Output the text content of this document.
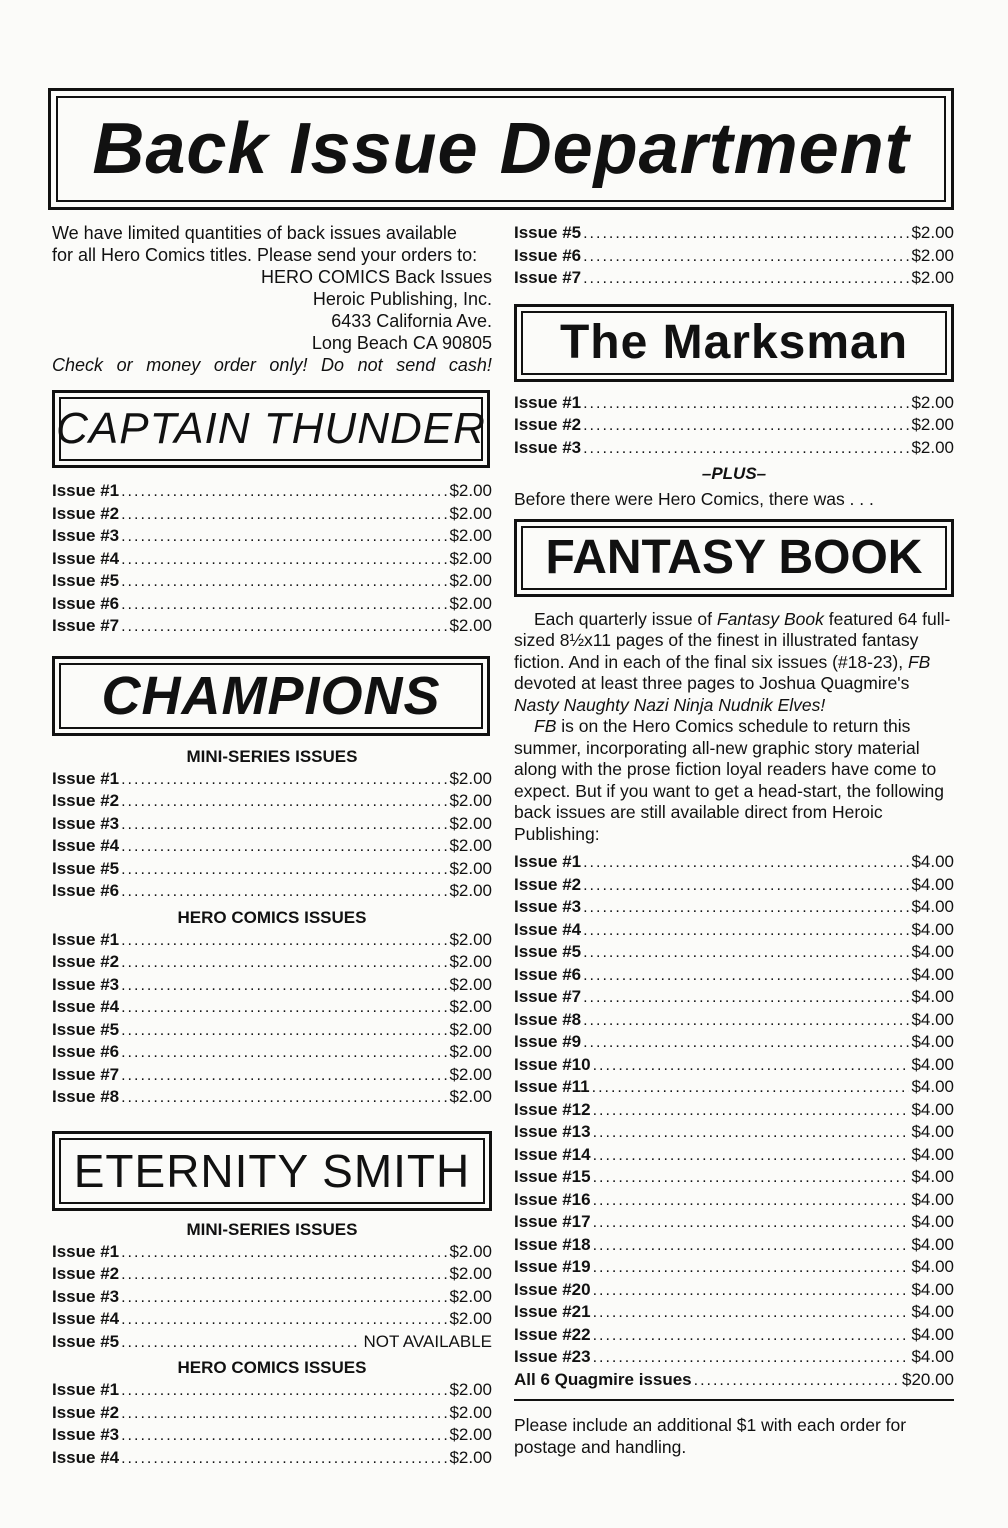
Back Issue Department
We have limited quantities of back issues available
for all Hero Comics titles. Please send your orders to:
HERO COMICS Back Issues
Heroic Publishing, Inc.
6433 California Ave.
Long Beach CA 90805
Check or money order only! Do not send cash!
CAPTAIN THUNDER
Issue #1 .....	$2.00
Issue #2 .....	$2.00
Issue #3 .....	$2.00
Issue #4 .....	$2.00
Issue #5 .....	$2.00
Issue #6 .....	$2.00
Issue #7 .....	$2.00
CHAMPIONS
MINI-SERIES ISSUES
Issue #1 .....	$2.00
Issue #2 .....	$2.00
Issue #3 .....	$2.00
Issue #4 .....	$2.00
Issue #5 .....	$2.00
Issue #6 .....	$2.00
HERO COMICS ISSUES
Issue #1 .....	$2.00
Issue #2 .....	$2.00
Issue #3 .....	$2.00
Issue #4 .....	$2.00
Issue #5 .....	$2.00
Issue #6 .....	$2.00
Issue #7 .....	$2.00
Issue #8 .....	$2.00
ETERNITY SMITH
MINI-SERIES ISSUES
Issue #1 .....	$2.00
Issue #2 .....	$2.00
Issue #3 .....	$2.00
Issue #4 .....	$2.00
Issue #5 .....	NOT AVAILABLE
HERO COMICS ISSUES
Issue #1 .....	$2.00
Issue #2 .....	$2.00
Issue #3 .....	$2.00
Issue #4 .....	$2.00
Issue #5 .....	$2.00
Issue #6 .....	$2.00
Issue #7 .....	$2.00
The Marksman
Issue #1 .....	$2.00
Issue #2 .....	$2.00
Issue #3 .....	$2.00
–PLUS–
Before there were Hero Comics, there was . . .
FANTASY BOOK
Each quarterly issue of Fantasy Book featured 64 full-sized 8½x11 pages of the finest in illustrated fantasy fiction. And in each of the final six issues (#18-23), FB devoted at least three pages to Joshua Quagmire's Nasty Naughty Nazi Ninja Nudnik Elves!
FB is on the Hero Comics schedule to return this summer, incorporating all-new graphic story material along with the prose fiction loyal readers have come to expect. But if you want to get a head-start, the following back issues are still available direct from Heroic Publishing:
Issue #1 .....	$4.00
Issue #2 .....	$4.00
Issue #3 .....	$4.00
Issue #4 .....	$4.00
Issue #5 .....	$4.00
Issue #6 .....	$4.00
Issue #7 .....	$4.00
Issue #8 .....	$4.00
Issue #9 .....	$4.00
Issue #10 .....	$4.00
Issue #11 .....	$4.00
Issue #12 .....	$4.00
Issue #13 .....	$4.00
Issue #14 .....	$4.00
Issue #15 .....	$4.00
Issue #16 .....	$4.00
Issue #17 .....	$4.00
Issue #18 .....	$4.00
Issue #19 .....	$4.00
Issue #20 .....	$4.00
Issue #21 .....	$4.00
Issue #22 .....	$4.00
Issue #23 .....	$4.00
All 6 Quagmire issues .....	$20.00
Please include an additional $1 with each order for postage and handling.
